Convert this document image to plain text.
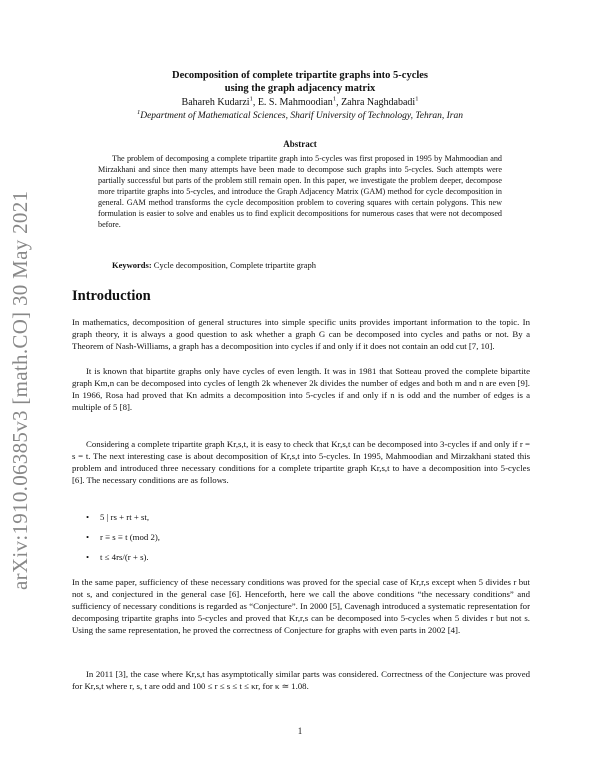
arXiv:1910.06385v3 [math.CO] 30 May 2021
Decomposition of complete tripartite graphs into 5-cycles
using the graph adjacency matrix
Bahareh Kudarzi$^1$, E. S. Mahmoodian$^1$, Zahra Naghdabadi$^1$
$^1$Department of Mathematical Sciences, Sharif University of Technology, Tehran, Iran
Abstract
The problem of decomposing a complete tripartite graph into 5-cycles was first proposed in 1995 by Mahmoodian and Mirzakhani and since then many attempts have been made to decompose such graphs into 5-cycles. Such attempts were partially successful but parts of the problem still remain open. In this paper, we investigate the problem deeper, decompose more tripartite graphs into 5-cycles, and introduce the Graph Adjacency Matrix (GAM) method for cycle decomposition in general. GAM method transforms the cycle decomposition problem to covering squares with certain polygons. This new formulation is easier to solve and enables us to find explicit decompositions for numerous cases that were not decomposed before.
Keywords: Cycle decomposition, Complete tripartite graph
Introduction

In mathematics, decomposition of general structures into simple specific units provides important information to the topic. In graph theory, it is always a good question to ask whether a graph G can be decomposed into cycles and paths or not. By a Theorem of Nash-Williams, a graph has a decomposition into cycles if and only if it does not contain an odd cut [7, 10].

It is known that bipartite graphs only have cycles of even length. It was in 1981 that Sotteau proved the complete bipartite graph Km,n can be decomposed into cycles of length 2k whenever 2k divides the number of edges and both m and n are even [9]. In 1966, Rosa had proved that Kn admits a decomposition into 5-cycles if and only if n is odd and the number of edges is a multiple of 5 [8].

Considering a complete tripartite graph Kr,s,t, it is easy to check that Kr,s,t can be decomposed into 3-cycles if and only if r = s = t. The next interesting case is about decomposition of Kr,s,t into 5-cycles. In 1995, Mahmoodian and Mirzakhani stated this problem and introduced three necessary conditions for a complete tripartite graph Kr,s,t to have a decomposition into 5-cycles [6]. The necessary conditions are as follows.

• 5 | rs + rt + st,
• r ≡ s ≡ t (mod 2),
• t ≤ 4rs/(r + s).

In the same paper, sufficiency of these necessary conditions was proved for the special case of Kr,r,s except when 5 divides r but not s, and conjectured in the general case [6]. Henceforth, here we call the above conditions “the necessary conditions” and sufficiency of necessary conditions is regarded as “Conjecture”. In 2000 [5], Cavenagh introduced a systematic representation for decomposing tripartite graphs into 5-cycles and proved that Kr,r,s can be decomposed into 5-cycles when 5 divides r but not s. Using the same representation, he proved the correctness of Conjecture for graphs with even parts in 2002 [4].

In 2011 [3], the case where Kr,s,t has asymptotically similar parts was considered. Correctness of the Conjecture was proved for Kr,s,t where r, s, t are odd and 100 ≤ r ≤ s ≤ t ≤ κr, for κ ≃ 1.08.

1
